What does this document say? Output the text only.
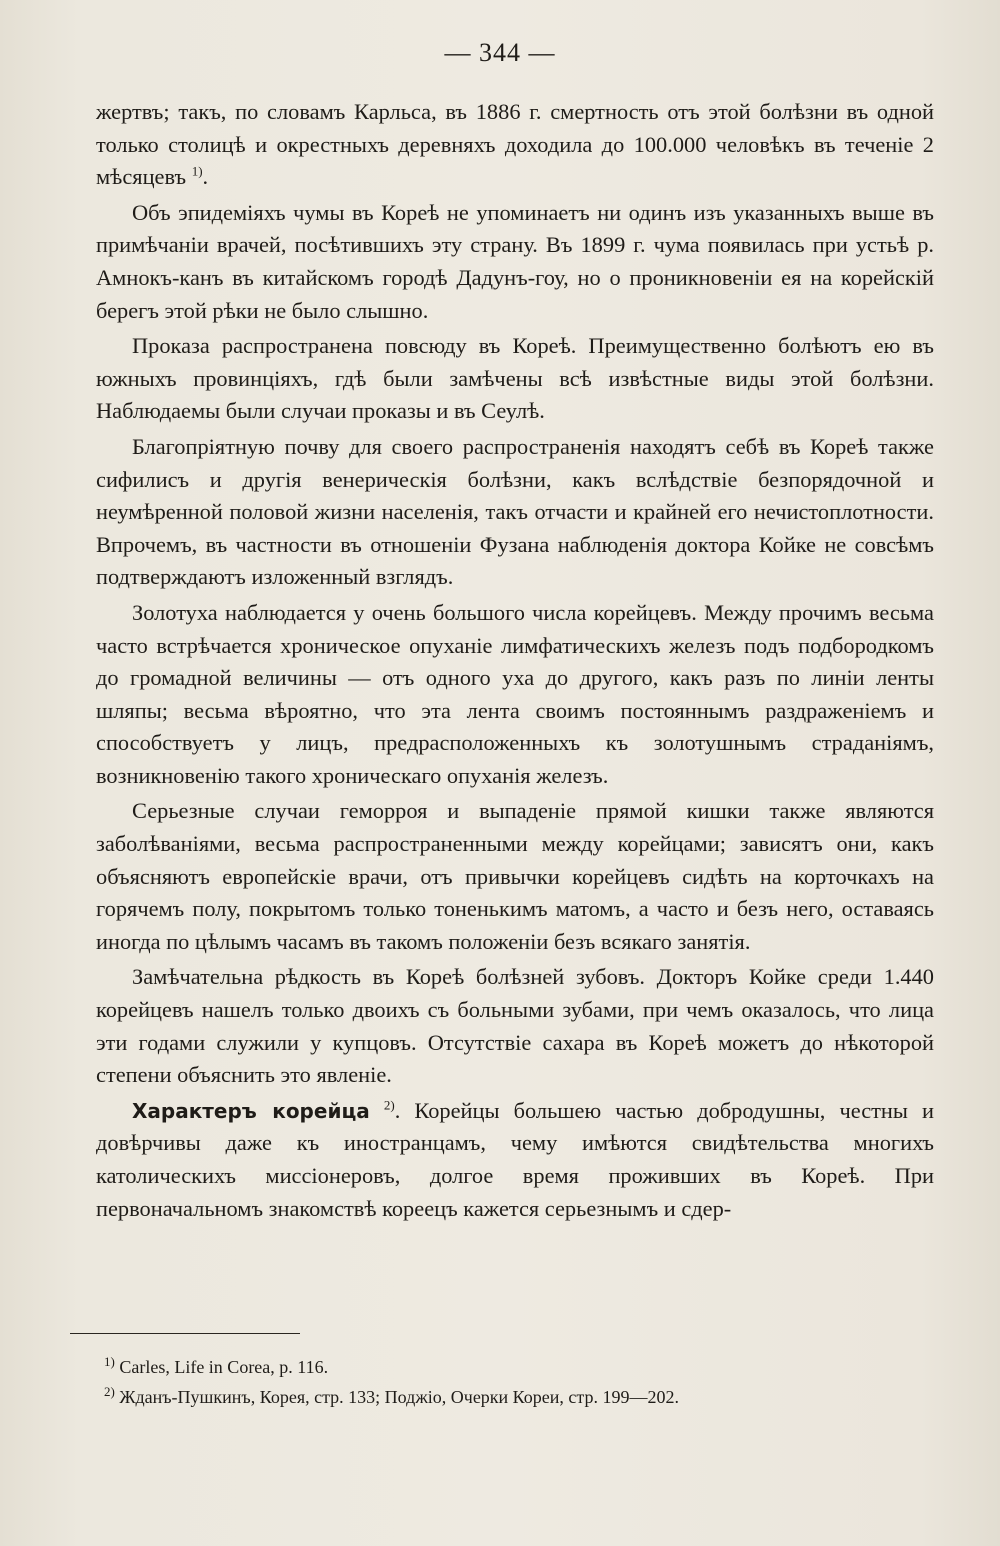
— 344 —

жертвъ; такъ, по словамъ Карльса, въ 1886 г. смертность отъ этой болѣзни въ одной только столицѣ и окрестныхъ деревняхъ доходила до 100.000 человѣкъ въ теченіе 2 мѣсяцевъ $^{1)}$.

Объ эпидеміяхъ чумы въ Кореѣ не упоминаетъ ни одинъ изъ указанныхъ выше въ примѣчаніи врачей, посѣтившихъ эту страну. Въ 1899 г. чума появилась при устьѣ р. Амнокъ-канъ въ китайскомъ городѣ Дадунъ-гоу, но о проникновеніи ея на корейскій берегъ этой рѣки не было слышно.

Проказа распространена повсюду въ Кореѣ. Преимущественно болѣютъ ею въ южныхъ провинціяхъ, гдѣ были замѣчены всѣ извѣстные виды этой болѣзни. Наблюдаемы были случаи проказы и въ Сеулѣ.

Благопріятную почву для своего распространенія находятъ себѣ въ Кореѣ также сифилисъ и другія венерическія болѣзни, какъ вслѣдствіе безпорядочной и неумѣренной половой жизни населенія, такъ отчасти и крайней его нечистоплотности. Впрочемъ, въ частности въ отношеніи Фузана наблюденія доктора Койке не совсѣмъ подтверждаютъ изложенный взглядъ.

Золотуха наблюдается у очень большого числа корейцевъ. Между прочимъ весьма часто встрѣчается хроническое опуханіе лимфатическихъ железъ подъ подбородкомъ до громадной величины — отъ одного уха до другого, какъ разъ по линіи ленты шляпы; весьма вѣроятно, что эта лента своимъ постояннымъ раздраженіемъ и способствуетъ у лицъ, предрасположенныхъ къ золотушнымъ страданіямъ, возникновенію такого хроническаго опуханія железъ.

Серьезные случаи геморроя и выпаденіе прямой кишки также являются заболѣваніями, весьма распространенными между корейцами; зависятъ они, какъ объясняютъ европейскіе врачи, отъ привычки корейцевъ сидѣть на корточкахъ на горячемъ полу, покрытомъ только тоненькимъ матомъ, а часто и безъ него, оставаясь иногда по цѣлымъ часамъ въ такомъ положеніи безъ всякаго занятія.

Замѣчательна рѣдкость въ Кореѣ болѣзней зубовъ. Докторъ Койке среди 1.440 корейцевъ нашелъ только двоихъ съ больными зубами, при чемъ оказалось, что лица эти годами служили у купцовъ. Отсутствіе сахара въ Кореѣ можетъ до нѣкоторой степени объяснить это явленіе.

Характеръ корейца $^{2)}$. Корейцы большею частью добродушны, честны и довѣрчивы даже къ иностранцамъ, чему имѣются свидѣтельства многихъ католическихъ миссіонеровъ, долгое время проживших въ Кореѣ. При первоначальномъ знакомствѣ кореецъ кажется серьезнымъ и сдер-

$^{1)}$ Carles, Life in Corea, p. 116.

$^{2)}$ Жданъ-Пушкинъ, Корея, стр. 133; Поджіо, Очерки Кореи, стр. 199—202.
